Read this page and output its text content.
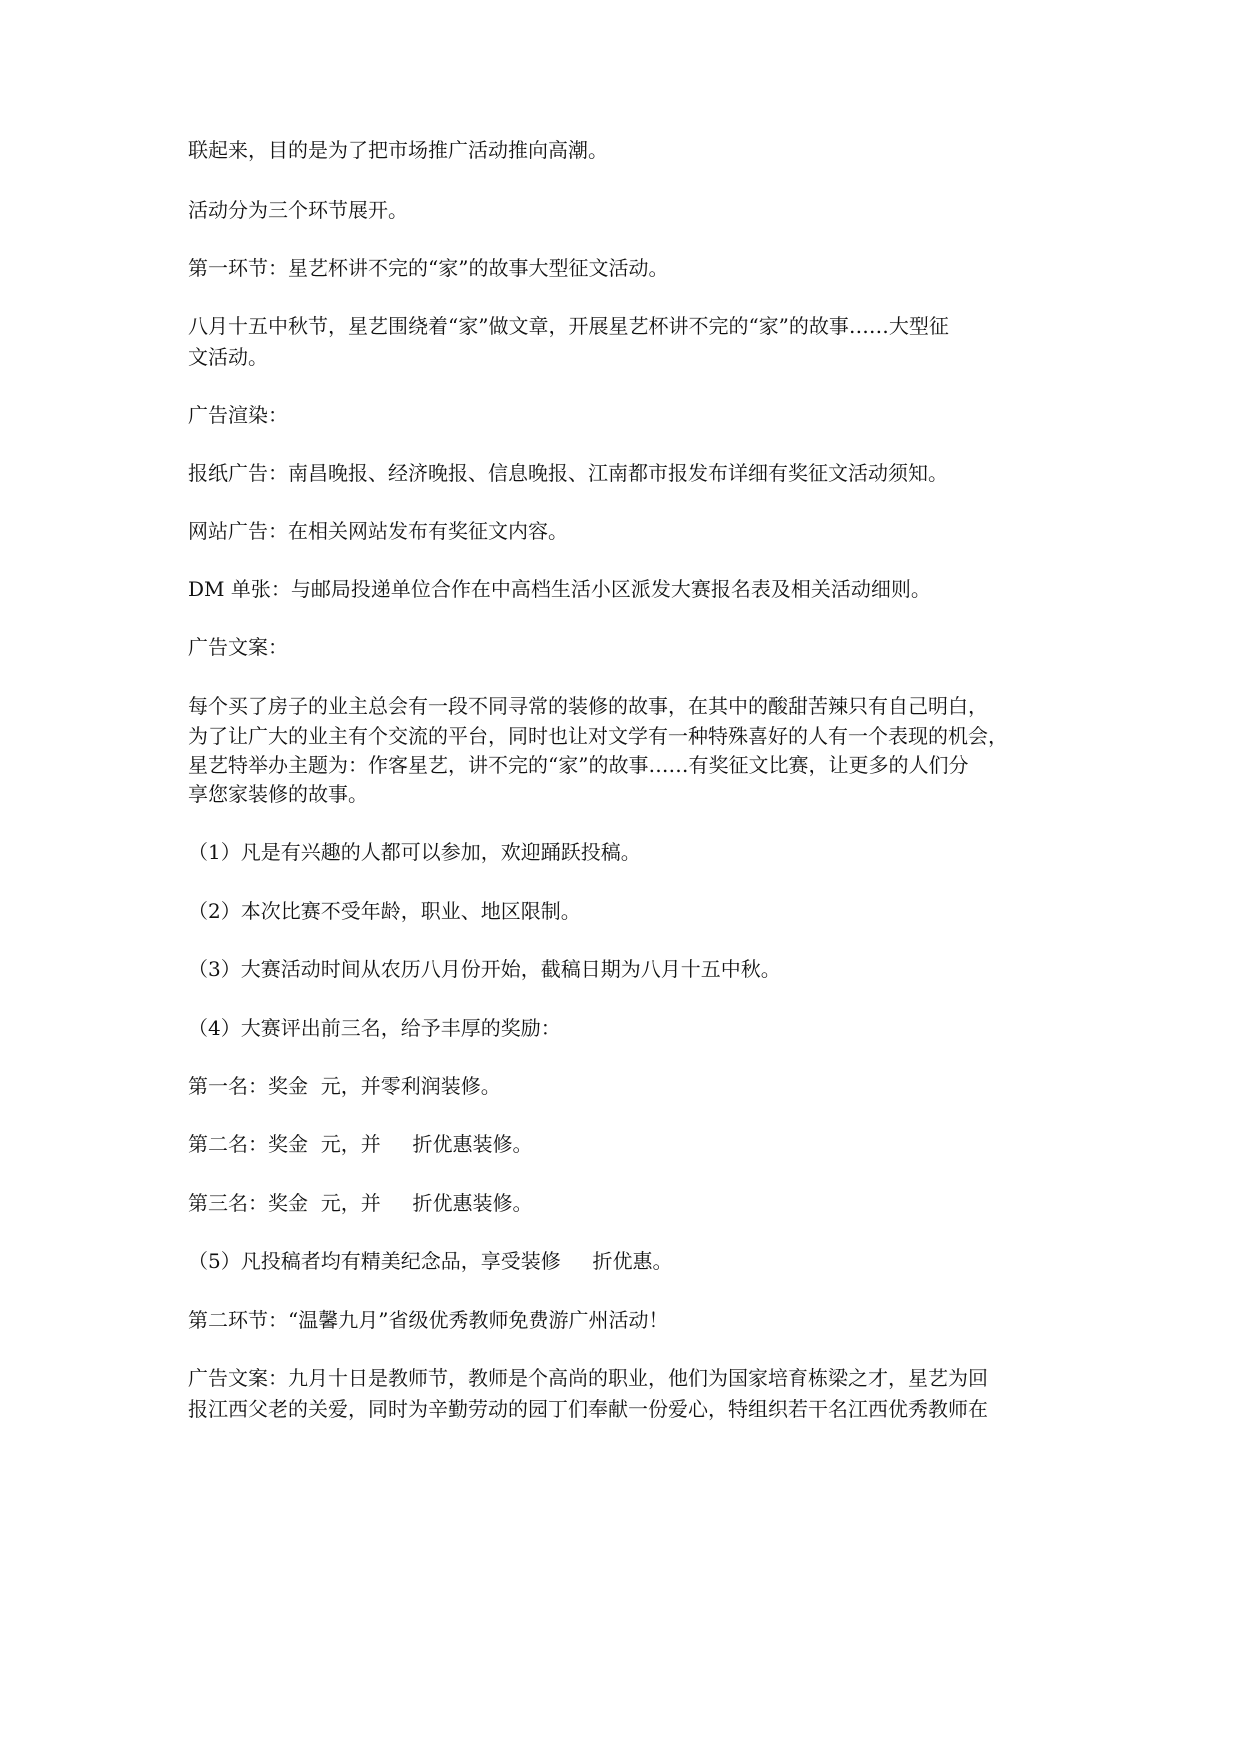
联起来，目的是为了把市场推广活动推向高潮。

活动分为三个环节展开。

第一环节：星艺杯讲不完的“家”的故事大型征文活动。

八月十五中秋节，星艺围绕着“家”做文章，开展星艺杯讲不完的“家”的故事……大型征

文活动。

广告渲染：

报纸广告：南昌晚报、经济晚报、信息晚报、江南都市报发布详细有奖征文活动须知。

网站广告：在相关网站发布有奖征文内容。

DM 单张：与邮局投递单位合作在中高档生活小区派发大赛报名表及相关活动细则。

广告文案：

每个买了房子的业主总会有一段不同寻常的装修的故事，在其中的酸甜苦辣只有自己明白，

为了让广大的业主有个交流的平台，同时也让对文学有一种特殊喜好的人有一个表现的机会，

星艺特举办主题为：作客星艺，讲不完的“家”的故事……有奖征文比赛，让更多的人们分

享您家装修的故事。

（1）凡是有兴趣的人都可以参加，欢迎踊跃投稿。

（2）本次比赛不受年龄，职业、地区限制。

（3）大赛活动时间从农历八月份开始，截稿日期为八月十五中秋。

（4）大赛评出前三名，给予丰厚的奖励：

第一名：奖金  元，并零利润装修。

第二名：奖金  元，并     折优惠装修。

第三名：奖金  元，并     折优惠装修。

（5）凡投稿者均有精美纪念品，享受装修     折优惠。

第二环节：“温馨九月”省级优秀教师免费游广州活动！

广告文案：九月十日是教师节，教师是个高尚的职业，他们为国家培育栋梁之才，星艺为回

报江西父老的关爱，同时为辛勤劳动的园丁们奉献一份爱心，特组织若干名江西优秀教师在
